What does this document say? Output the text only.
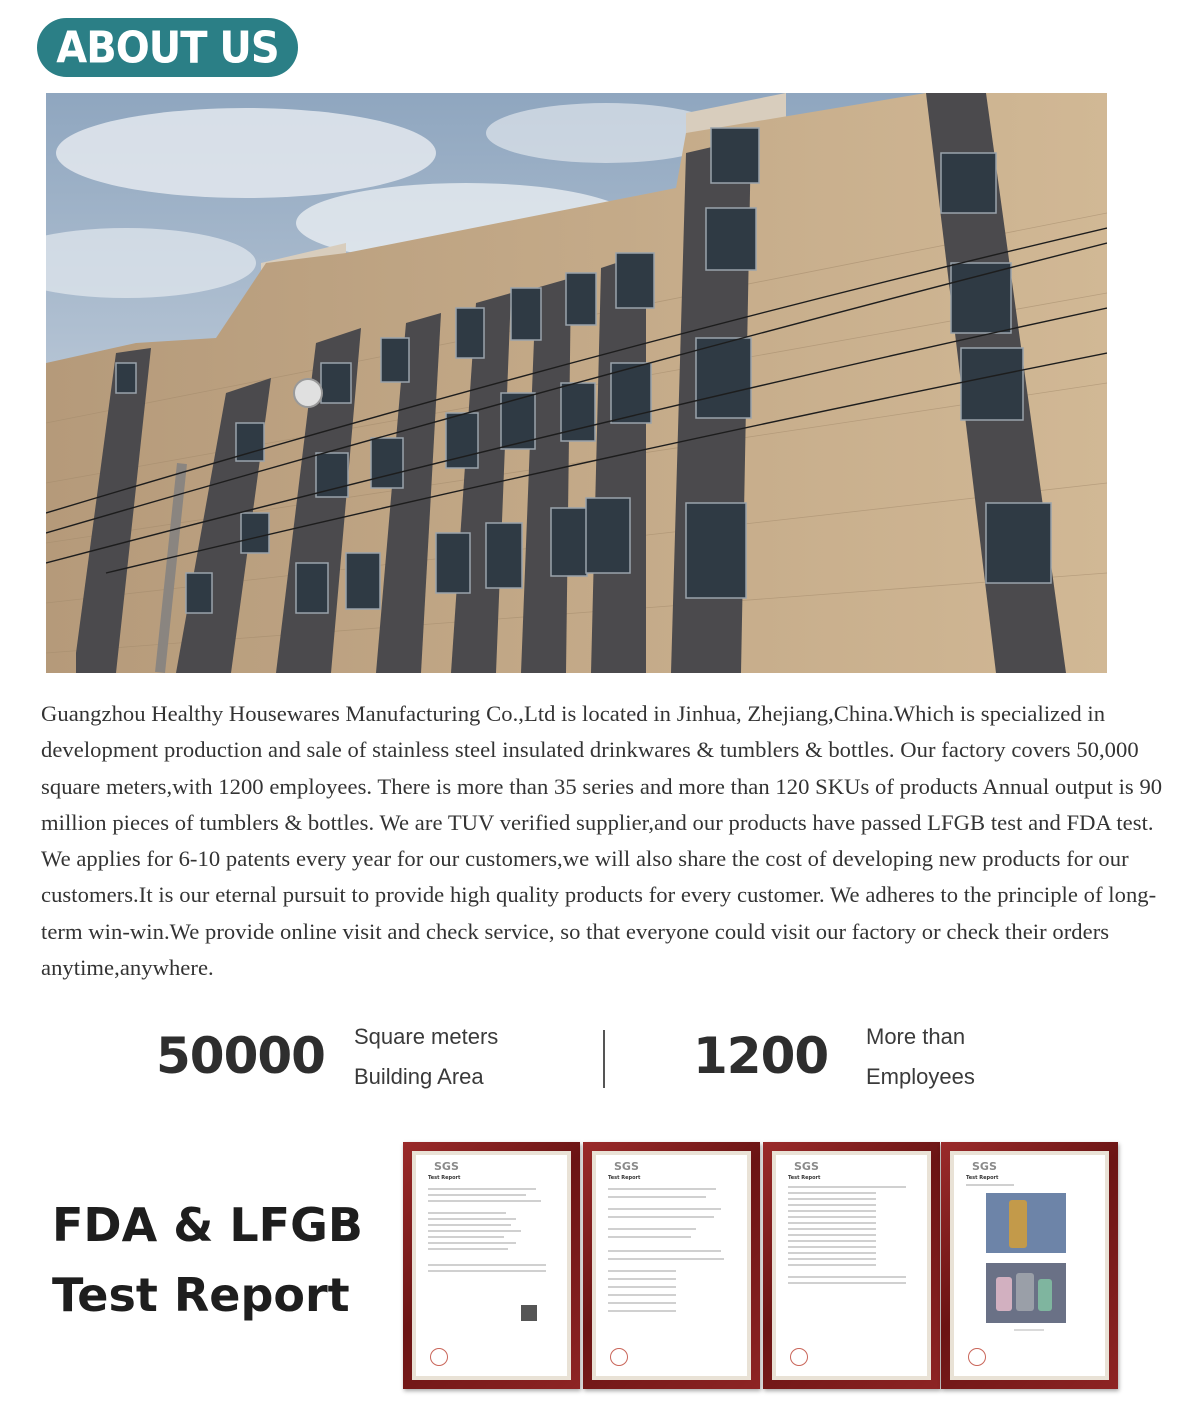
ABOUT US

Guangzhou Healthy Housewares Manufacturing Co.,Ltd is located in Jinhua, Zhejiang,China.Which is specialized in development production and sale of stainless steel insulated drinkwares & tumblers & bottles. Our factory covers 50,000 square meters,with 1200 employees. There is more than 35 series and more than 120 SKUs of products Annual output is 90 million pieces of tumblers & bottles. We are TUV verified supplier,and our products have passed LFGB test and FDA test. We applies for 6-10 patents every year for our customers,we will also share the cost of developing new products for our customers.It is our eternal pursuit to provide high quality products for every customer. We adheres to the principle of long-term win-win.We provide online visit and check service, so that everyone could visit our factory or check their orders anytime,anywhere.

50000 Square meters
Building Area	1200 More than
Employees
FDA & LFGB
Test Report
SGS
Test Report
SGS
Test Report
SGS
Test Report
SGS
Test Report
